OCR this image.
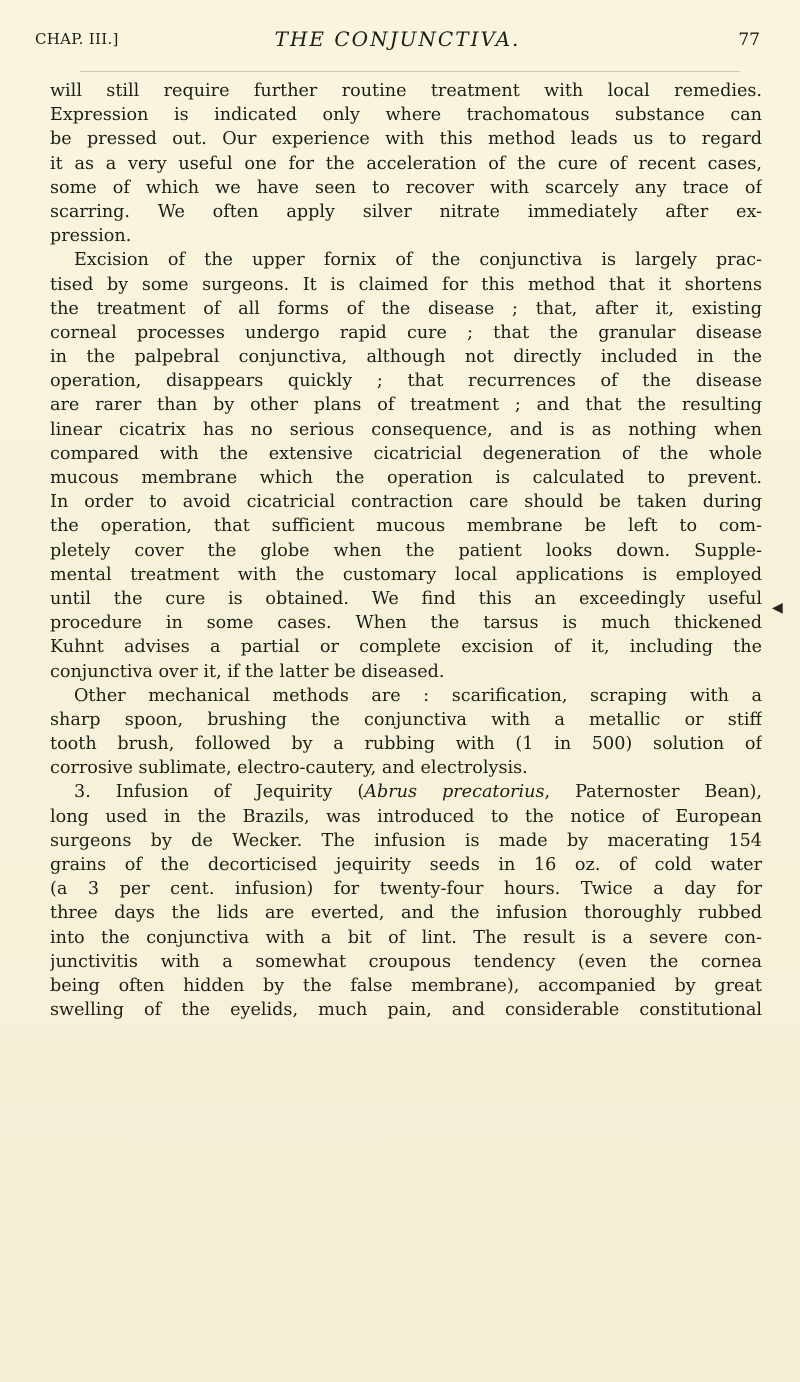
CHAP. III.]	THE CONJUNCTIVA.	77
will still require further routine treatment with local remedies.
Expression is indicated only where trachomatous substance can
be pressed out. Our experience with this method leads us to regard
it as a very useful one for the acceleration of the cure of recent cases,
some of which we have seen to recover with scarcely any trace of
scarring. We often apply silver nitrate immediately after ex-
pression.
Excision of the upper fornix of the conjunctiva is largely prac-
tised by some surgeons. It is claimed for this method that it shortens
the treatment of all forms of the disease ; that, after it, existing
corneal processes undergo rapid cure ; that the granular disease
in the palpebral conjunctiva, although not directly included in the
operation, disappears quickly ; that recurrences of the disease
are rarer than by other plans of treatment ; and that the resulting
linear cicatrix has no serious consequence, and is as nothing when
compared with the extensive cicatricial degeneration of the whole
mucous membrane which the operation is calculated to prevent.
In order to avoid cicatricial contraction care should be taken during
the operation, that sufficient mucous membrane be left to com-
pletely cover the globe when the patient looks down. Supple-
mental treatment with the customary local applications is employed
until the cure is obtained. We find this an exceedingly useful
procedure in some cases. When the tarsus is much thickened
Kuhnt advises a partial or complete excision of it, including the
conjunctiva over it, if the latter be diseased.
Other mechanical methods are : scarification, scraping with a
sharp spoon, brushing the conjunctiva with a metallic or stiff
tooth brush, followed by a rubbing with (1 in 500) solution of
corrosive sublimate, electro-cautery, and electrolysis.
3. Infusion of Jequirity (Abrus precatorius, Paternoster Bean),
long used in the Brazils, was introduced to the notice of European
surgeons by de Wecker. The infusion is made by macerating 154
grains of the decorticised jequirity seeds in 16 oz. of cold water
(a 3 per cent. infusion) for twenty-four hours. Twice a day for
three days the lids are everted, and the infusion thoroughly rubbed
into the conjunctiva with a bit of lint. The result is a severe con-
junctivitis with a somewhat croupous tendency (even the cornea
being often hidden by the false membrane), accompanied by great
swelling of the eyelids, much pain, and considerable constitutional
◀
